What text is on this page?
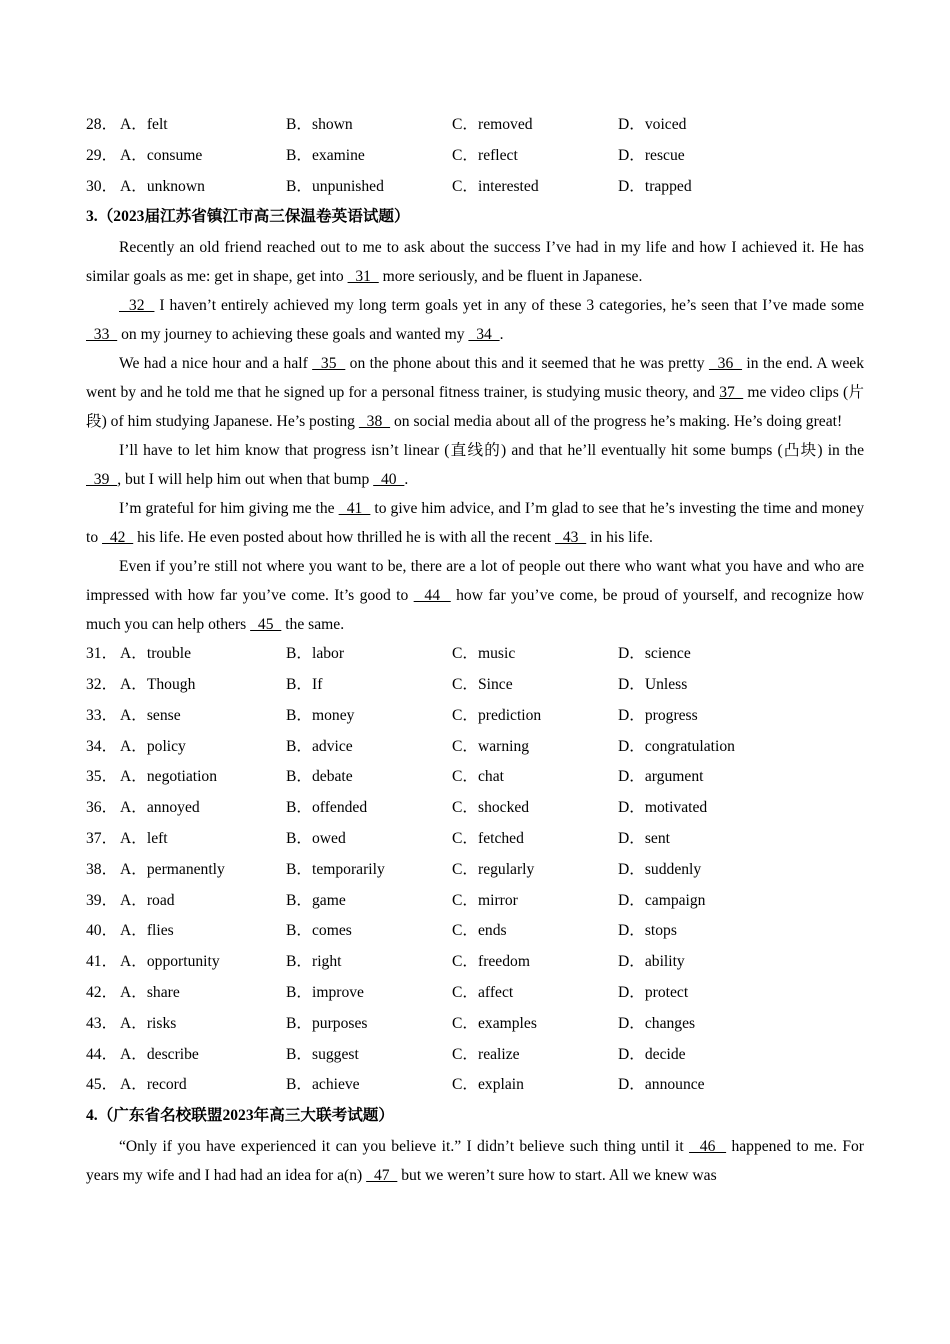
28． A．felt	B．shown	C．removed	D．voiced
29． A．consume	B．examine	C．reflect	D．rescue
30． A．unknown	B．unpunished	C．interested	D．trapped
3.（2023届江苏省镇江市高三保温卷英语试题）

Recently an old friend reached out to me to ask about the success I’ve had in my life and how I achieved it. He has similar goals as me: get in shape, get into   31   more seriously, and be fluent in Japanese.

32   I haven’t entirely achieved my long term goals yet in any of these 3 categories, he’s seen that I’ve made some   33   on my journey to achieving these goals and wanted my   34  .

We had a nice hour and a half   35   on the phone about this and it seemed that he was pretty   36   in the end. A week went by and he told me that he signed up for a personal fitness trainer, is studying music theory, and 37   me video clips (片段) of him studying Japanese. He’s posting   38   on social media about all of the progress he’s making. He’s doing great!

I’ll have to let him know that progress isn’t linear (直线的) and that he’ll eventually hit some bumps (凸块) in the   39  , but I will help him out when that bump   40  .

I’m grateful for him giving me the   41   to give him advice, and I’m glad to see that he’s investing the time and money to   42   his life. He even posted about how thrilled he is with all the recent   43   in his life.

Even if you’re still not where you want to be, there are a lot of people out there who want what you have and who are impressed with how far you’ve come. It’s good to   44   how far you’ve come, be proud of yourself, and recognize how much you can help others   45   the same.

31． A．trouble	B．labor	C．music	D．science
32． A．Though	B．If	C．Since	D．Unless
33． A．sense	B．money	C．prediction	D．progress
34． A．policy	B．advice	C．warning	D．congratulation
35． A．negotiation	B．debate	C．chat	D．argument
36． A．annoyed	B．offended	C．shocked	D．motivated
37． A．left	B．owed	C．fetched	D．sent
38． A．permanently	B．temporarily	C．regularly	D．suddenly
39． A．road	B．game	C．mirror	D．campaign
40． A．flies	B．comes	C．ends	D．stops
41． A．opportunity	B．right	C．freedom	D．ability
42． A．share	B．improve	C．affect	D．protect
43． A．risks	B．purposes	C．examples	D．changes
44． A．describe	B．suggest	C．realize	D．decide
45． A．record	B．achieve	C．explain	D．announce
4.（广东省名校联盟2023年高三大联考试题）

“Only if you have experienced it can you believe it.” I didn’t believe such thing until it   46   happened to me. For years my wife and I had had an idea for a(n)   47   but we weren’t sure how to start. All we knew was
